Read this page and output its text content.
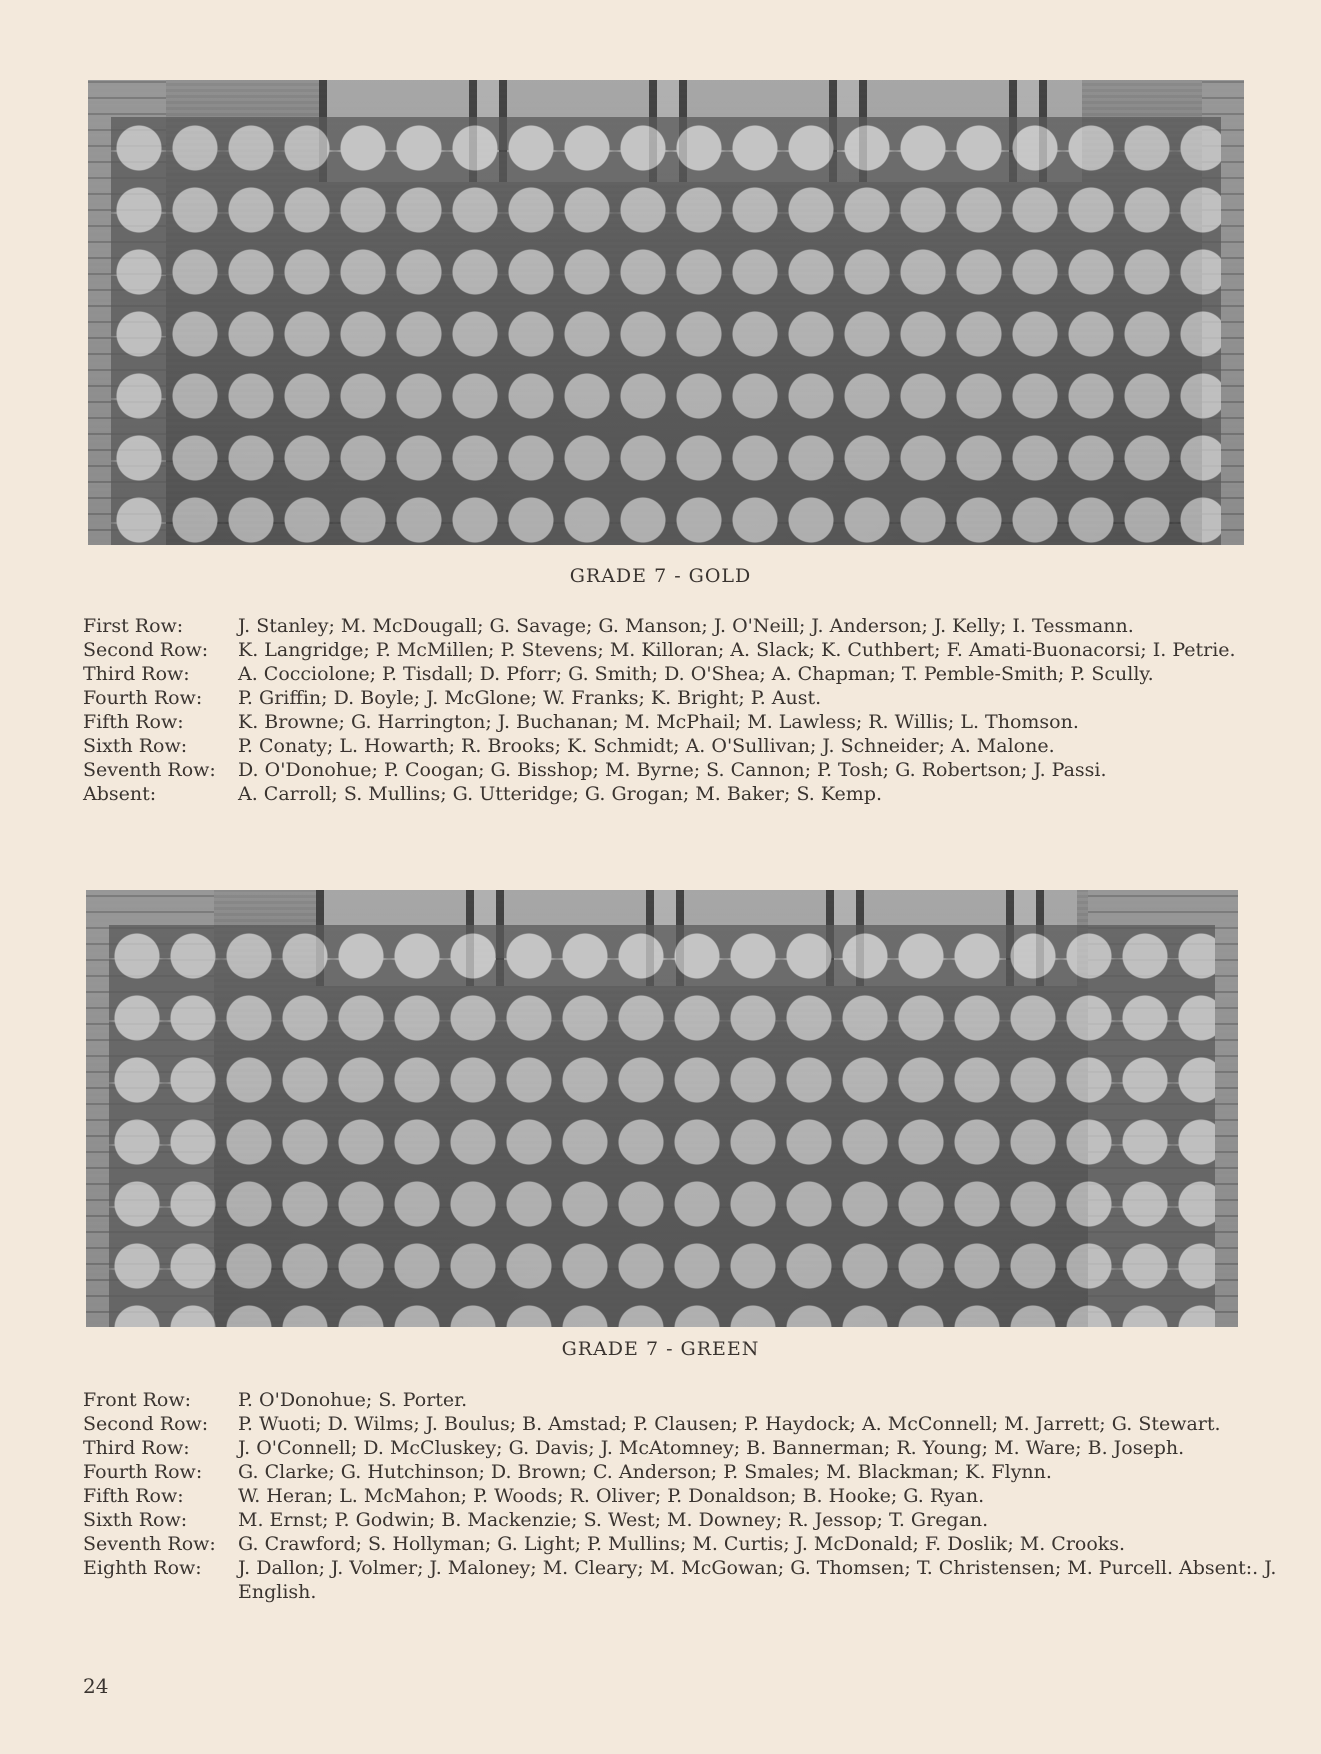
GRADE 7 - GOLD
First Row:	J. Stanley; M. McDougall; G. Savage; G. Manson; J. O'Neill; J. Anderson; J. Kelly; I. Tessmann.
Second Row:	K. Langridge; P. McMillen; P. Stevens; M. Killoran; A. Slack; K. Cuthbert; F. Amati-Buonacorsi; I. Petrie.
Third Row:	A. Cocciolone; P. Tisdall; D. Pforr; G. Smith; D. O'Shea; A. Chapman; T. Pemble-Smith; P. Scully.
Fourth Row:	P. Griffin; D. Boyle; J. McGlone; W. Franks; K. Bright; P. Aust.
Fifth Row:	K. Browne; G. Harrington; J. Buchanan; M. McPhail; M. Lawless; R. Willis; L. Thomson.
Sixth Row:	P. Conaty; L. Howarth; R. Brooks; K. Schmidt; A. O'Sullivan; J. Schneider; A. Malone.
Seventh Row:	D. O'Donohue; P. Coogan; G. Bisshop; M. Byrne; S. Cannon; P. Tosh; G. Robertson; J. Passi.
Absent:	A. Carroll; S. Mullins; G. Utteridge; G. Grogan; M. Baker; S. Kemp.
GRADE 7 - GREEN
Front Row:	P. O'Donohue; S. Porter.
Second Row:	P. Wuoti; D. Wilms; J. Boulus; B. Amstad; P. Clausen; P. Haydock; A. McConnell; M. Jarrett; G. Stewart.
Third Row:	J. O'Connell; D. McCluskey; G. Davis; J. McAtomney; B. Bannerman; R. Young; M. Ware; B. Joseph.
Fourth Row:	G. Clarke; G. Hutchinson; D. Brown; C. Anderson; P. Smales; M. Blackman; K. Flynn.
Fifth Row:	W. Heran; L. McMahon; P. Woods; R. Oliver; P. Donaldson; B. Hooke; G. Ryan.
Sixth Row:	M. Ernst; P. Godwin; B. Mackenzie; S. West; M. Downey; R. Jessop; T. Gregan.
Seventh Row:	G. Crawford; S. Hollyman; G. Light; P. Mullins; M. Curtis; J. McDonald; F. Doslik; M. Crooks.
Eighth Row:	J. Dallon; J. Volmer; J. Maloney; M. Cleary; M. McGowan; G. Thomsen; T. Christensen; M. Purcell. Absent:. J. English.
24
